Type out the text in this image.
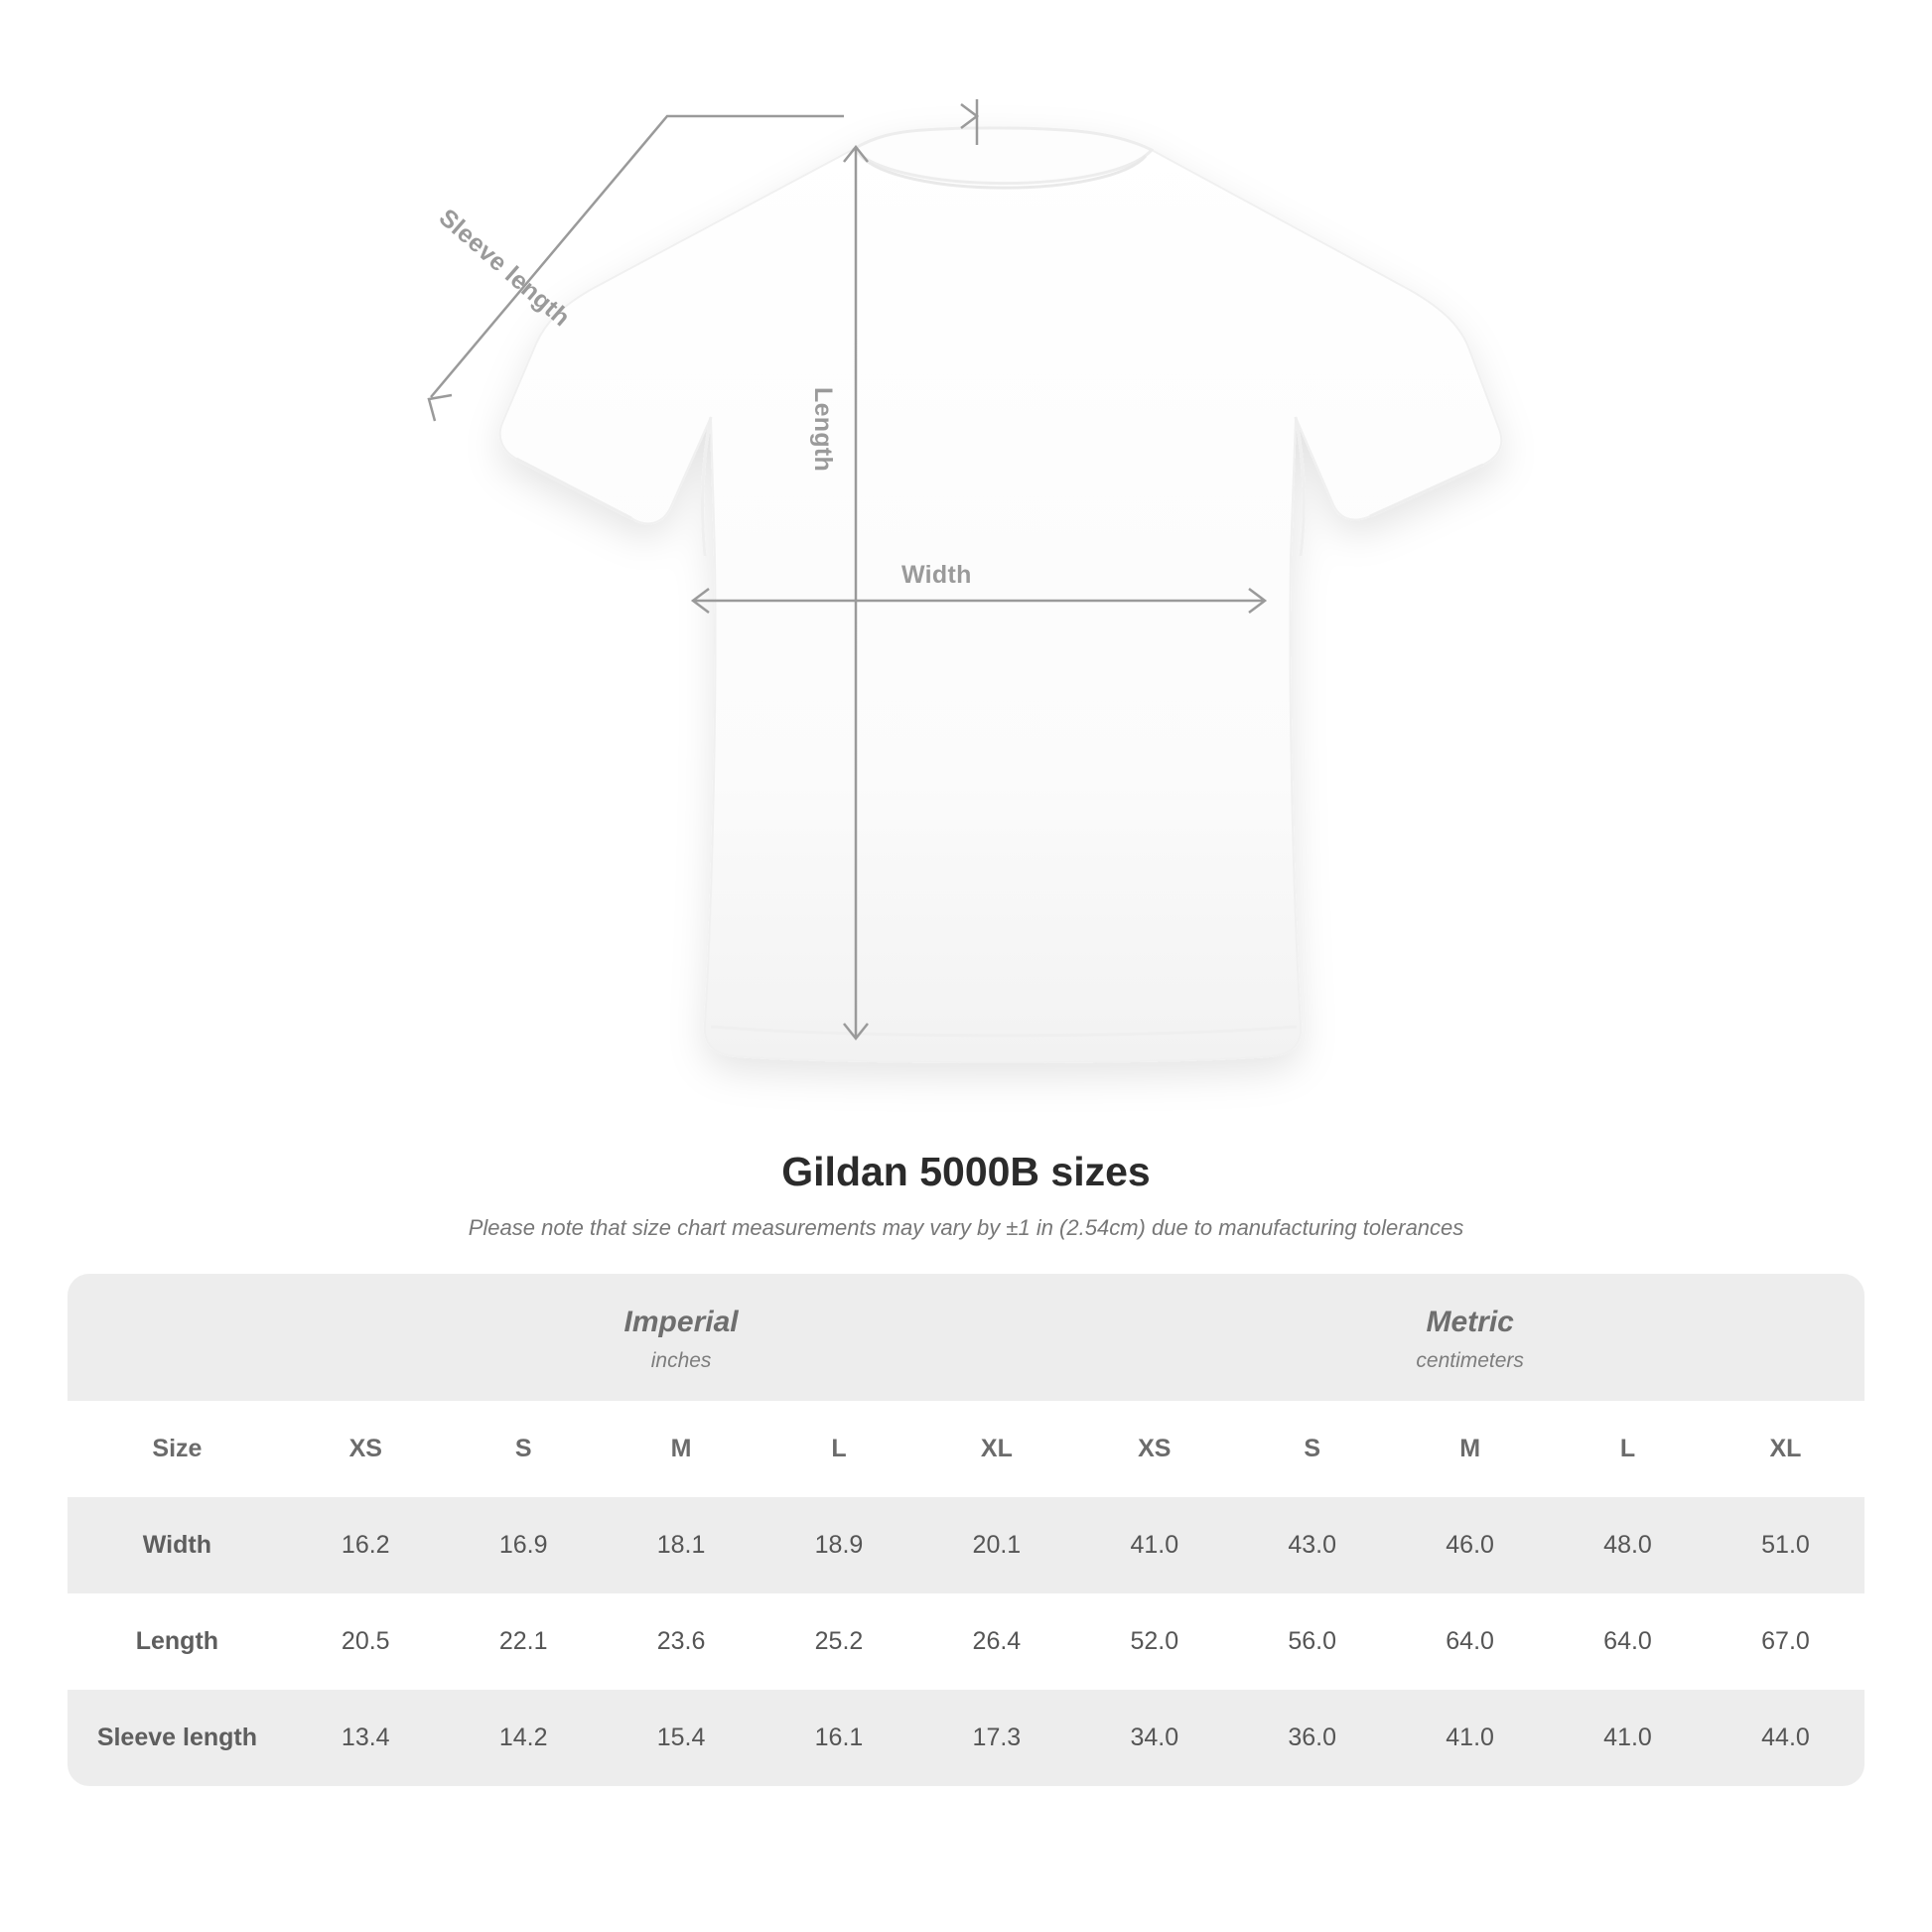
Width
Length
Sleeve length
Gildan 5000B sizes
Please note that size chart measurements may vary by ±1 in (2.54cm) due to manufacturing tolerances

Imperial
inches

Metric
centimeters

Size	XS	S	M	L	XL	XS	S	M	L	XL
Width	16.2	16.9	18.1	18.9	20.1	41.0	43.0	46.0	48.0	51.0
Length	20.5	22.1	23.6	25.2	26.4	52.0	56.0	64.0	64.0	67.0
Sleeve length	13.4	14.2	15.4	16.1	17.3	34.0	36.0	41.0	41.0	44.0
